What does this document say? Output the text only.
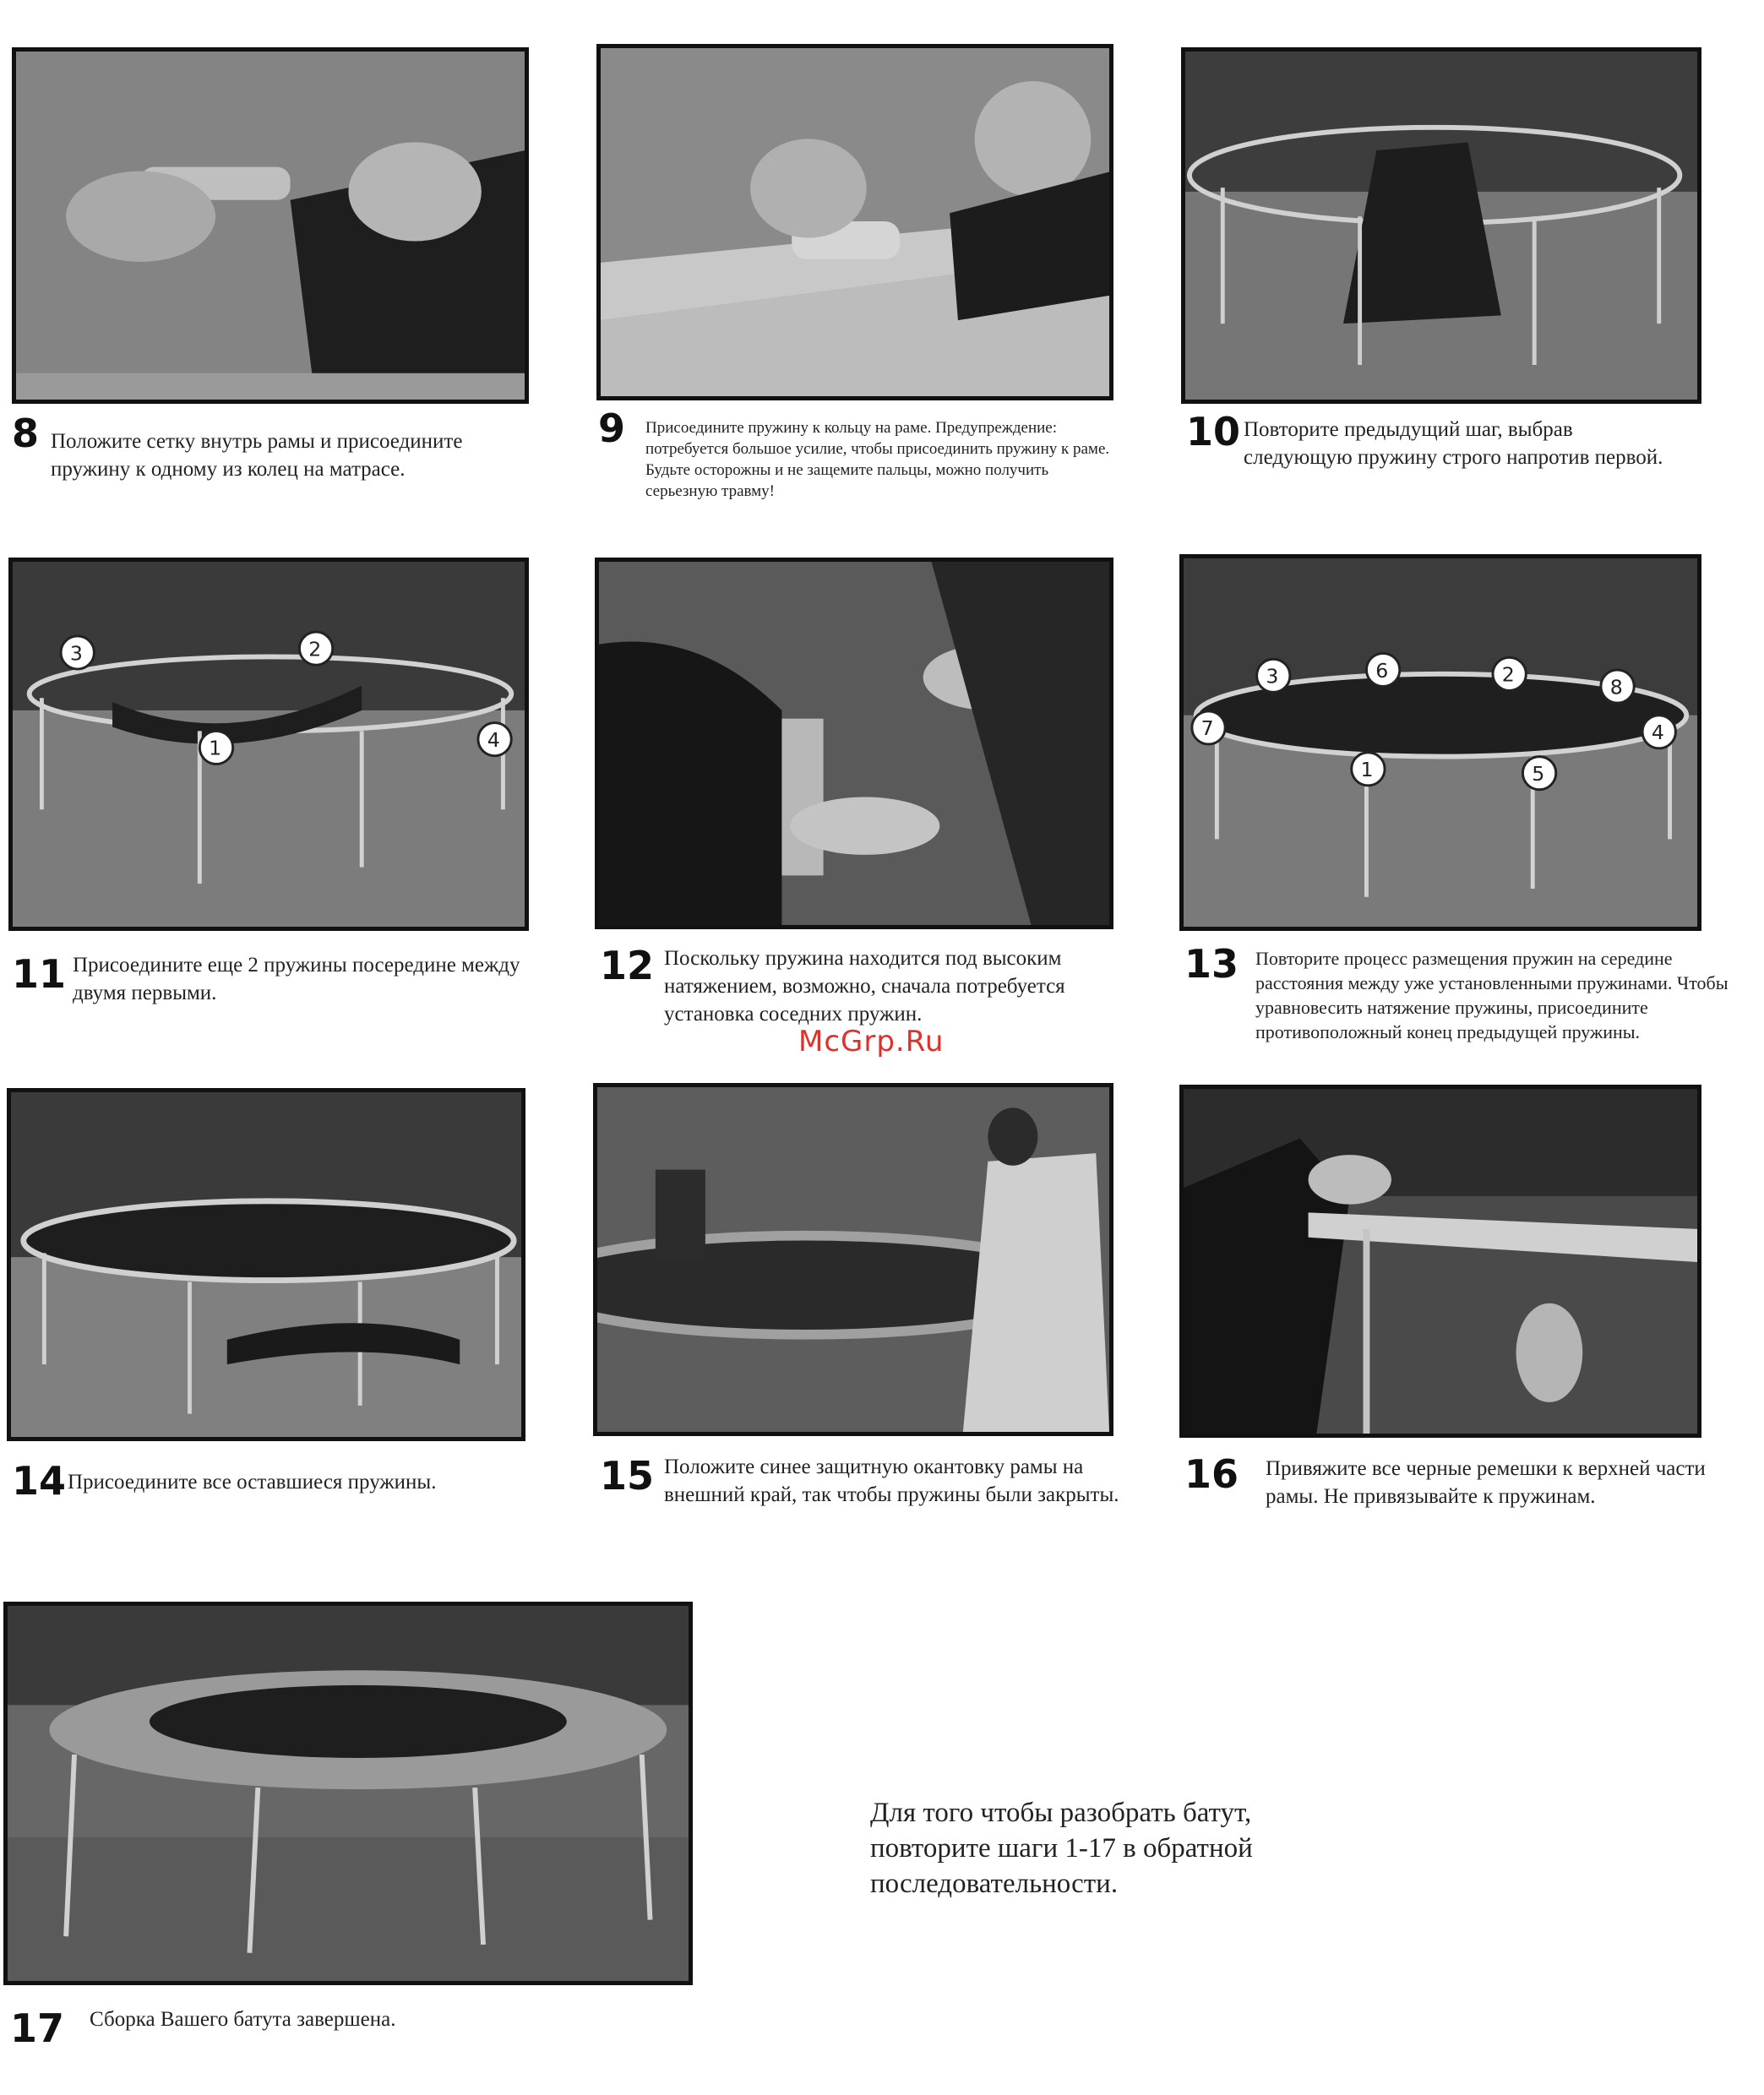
8 Положите сетку внутрь рамы и присоедините пружину к одному из колец на матрасе.
9 Присоедините пружину к кольцу на раме. Предупреждение: потребуется большое усилие, чтобы присоединить пружину к раме. Будьте осторожны и не защемите пальцы, можно получить серьезную травму!
10 Повторите предыдущий шаг, выбрав следующую пружину строго напротив первой.
1
2
3
4
11 Присоедините еще 2 пружины посередине между двумя первыми.
12 Поскольку пружина находится под высоким натяжением, возможно, сначала потребуется установка соседних пружин.
1
2
3
4
5
6
7
8
13 Повторите процесс размещения пружин на середине расстояния между уже установленными пружинами. Чтобы уравновесить натяжение пружины, присоедините противоположный конец предыдущей пружины.
McGrp.Ru
14 Присоедините все оставшиеся пружины.	15 Положите синее защитную окантовку рамы на внешний край, так чтобы пружины были закрыты. 16 Привяжите все черные ремешки к верхней части рамы. Не привязывайте к пружинам.
17 Сборка Вашего батута завершена.
Для того чтобы разобрать батут, повторите шаги 1-17 в обратной последовательности.
